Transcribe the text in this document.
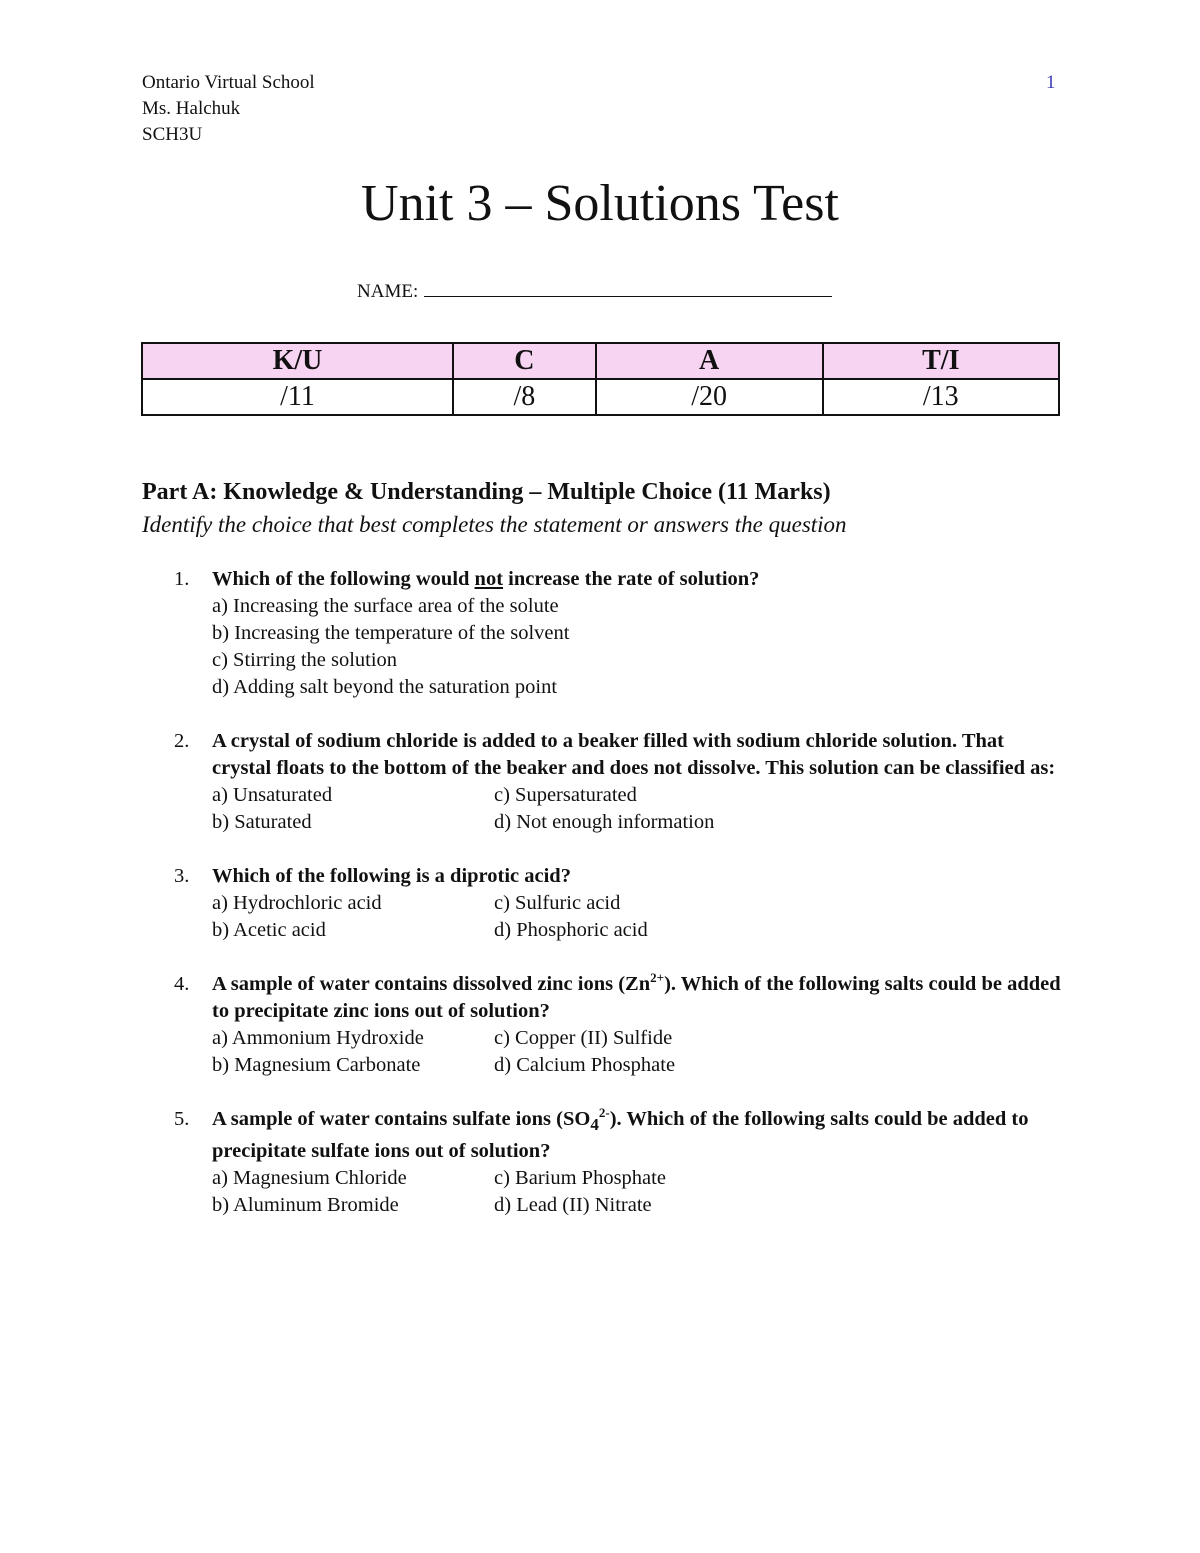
Ontario Virtual School
Ms. Halchuk
SCH3U
1
Unit 3 – Solutions Test
NAME:
K/U	C	A	T/I
/11	/8	/20	/13
Part A: Knowledge & Understanding – Multiple Choice (11 Marks)
Identify the choice that best completes the statement or answers the question
1. Which of the following would not increase the rate of solution?
a) Increasing the surface area of the solute
b) Increasing the temperature of the solvent
c) Stirring the solution
d) Adding salt beyond the saturation point
2. A crystal of sodium chloride is added to a beaker filled with sodium chloride solution. That crystal floats to the bottom of the beaker and does not dissolve. This solution can be classified as:
a) Unsaturated	c) Supersaturated
b) Saturated	d) Not enough information
3. Which of the following is a diprotic acid?
a) Hydrochloric acid	c) Sulfuric acid
b) Acetic acid	d) Phosphoric acid
4. A sample of water contains dissolved zinc ions $(Zn^{2+})$. Which of the following salts could be added to precipitate zinc ions out of solution?
a) Ammonium Hydroxide	c) Copper (II) Sulfide
b) Magnesium Carbonate	d) Calcium Phosphate
5. A sample of water contains sulfate ions $(SO_4^{2-})$. Which of the following salts could be added to precipitate sulfate ions out of solution?
a) Magnesium Chloride	c) Barium Phosphate
b) Aluminum Bromide	d) Lead (II) Nitrate
